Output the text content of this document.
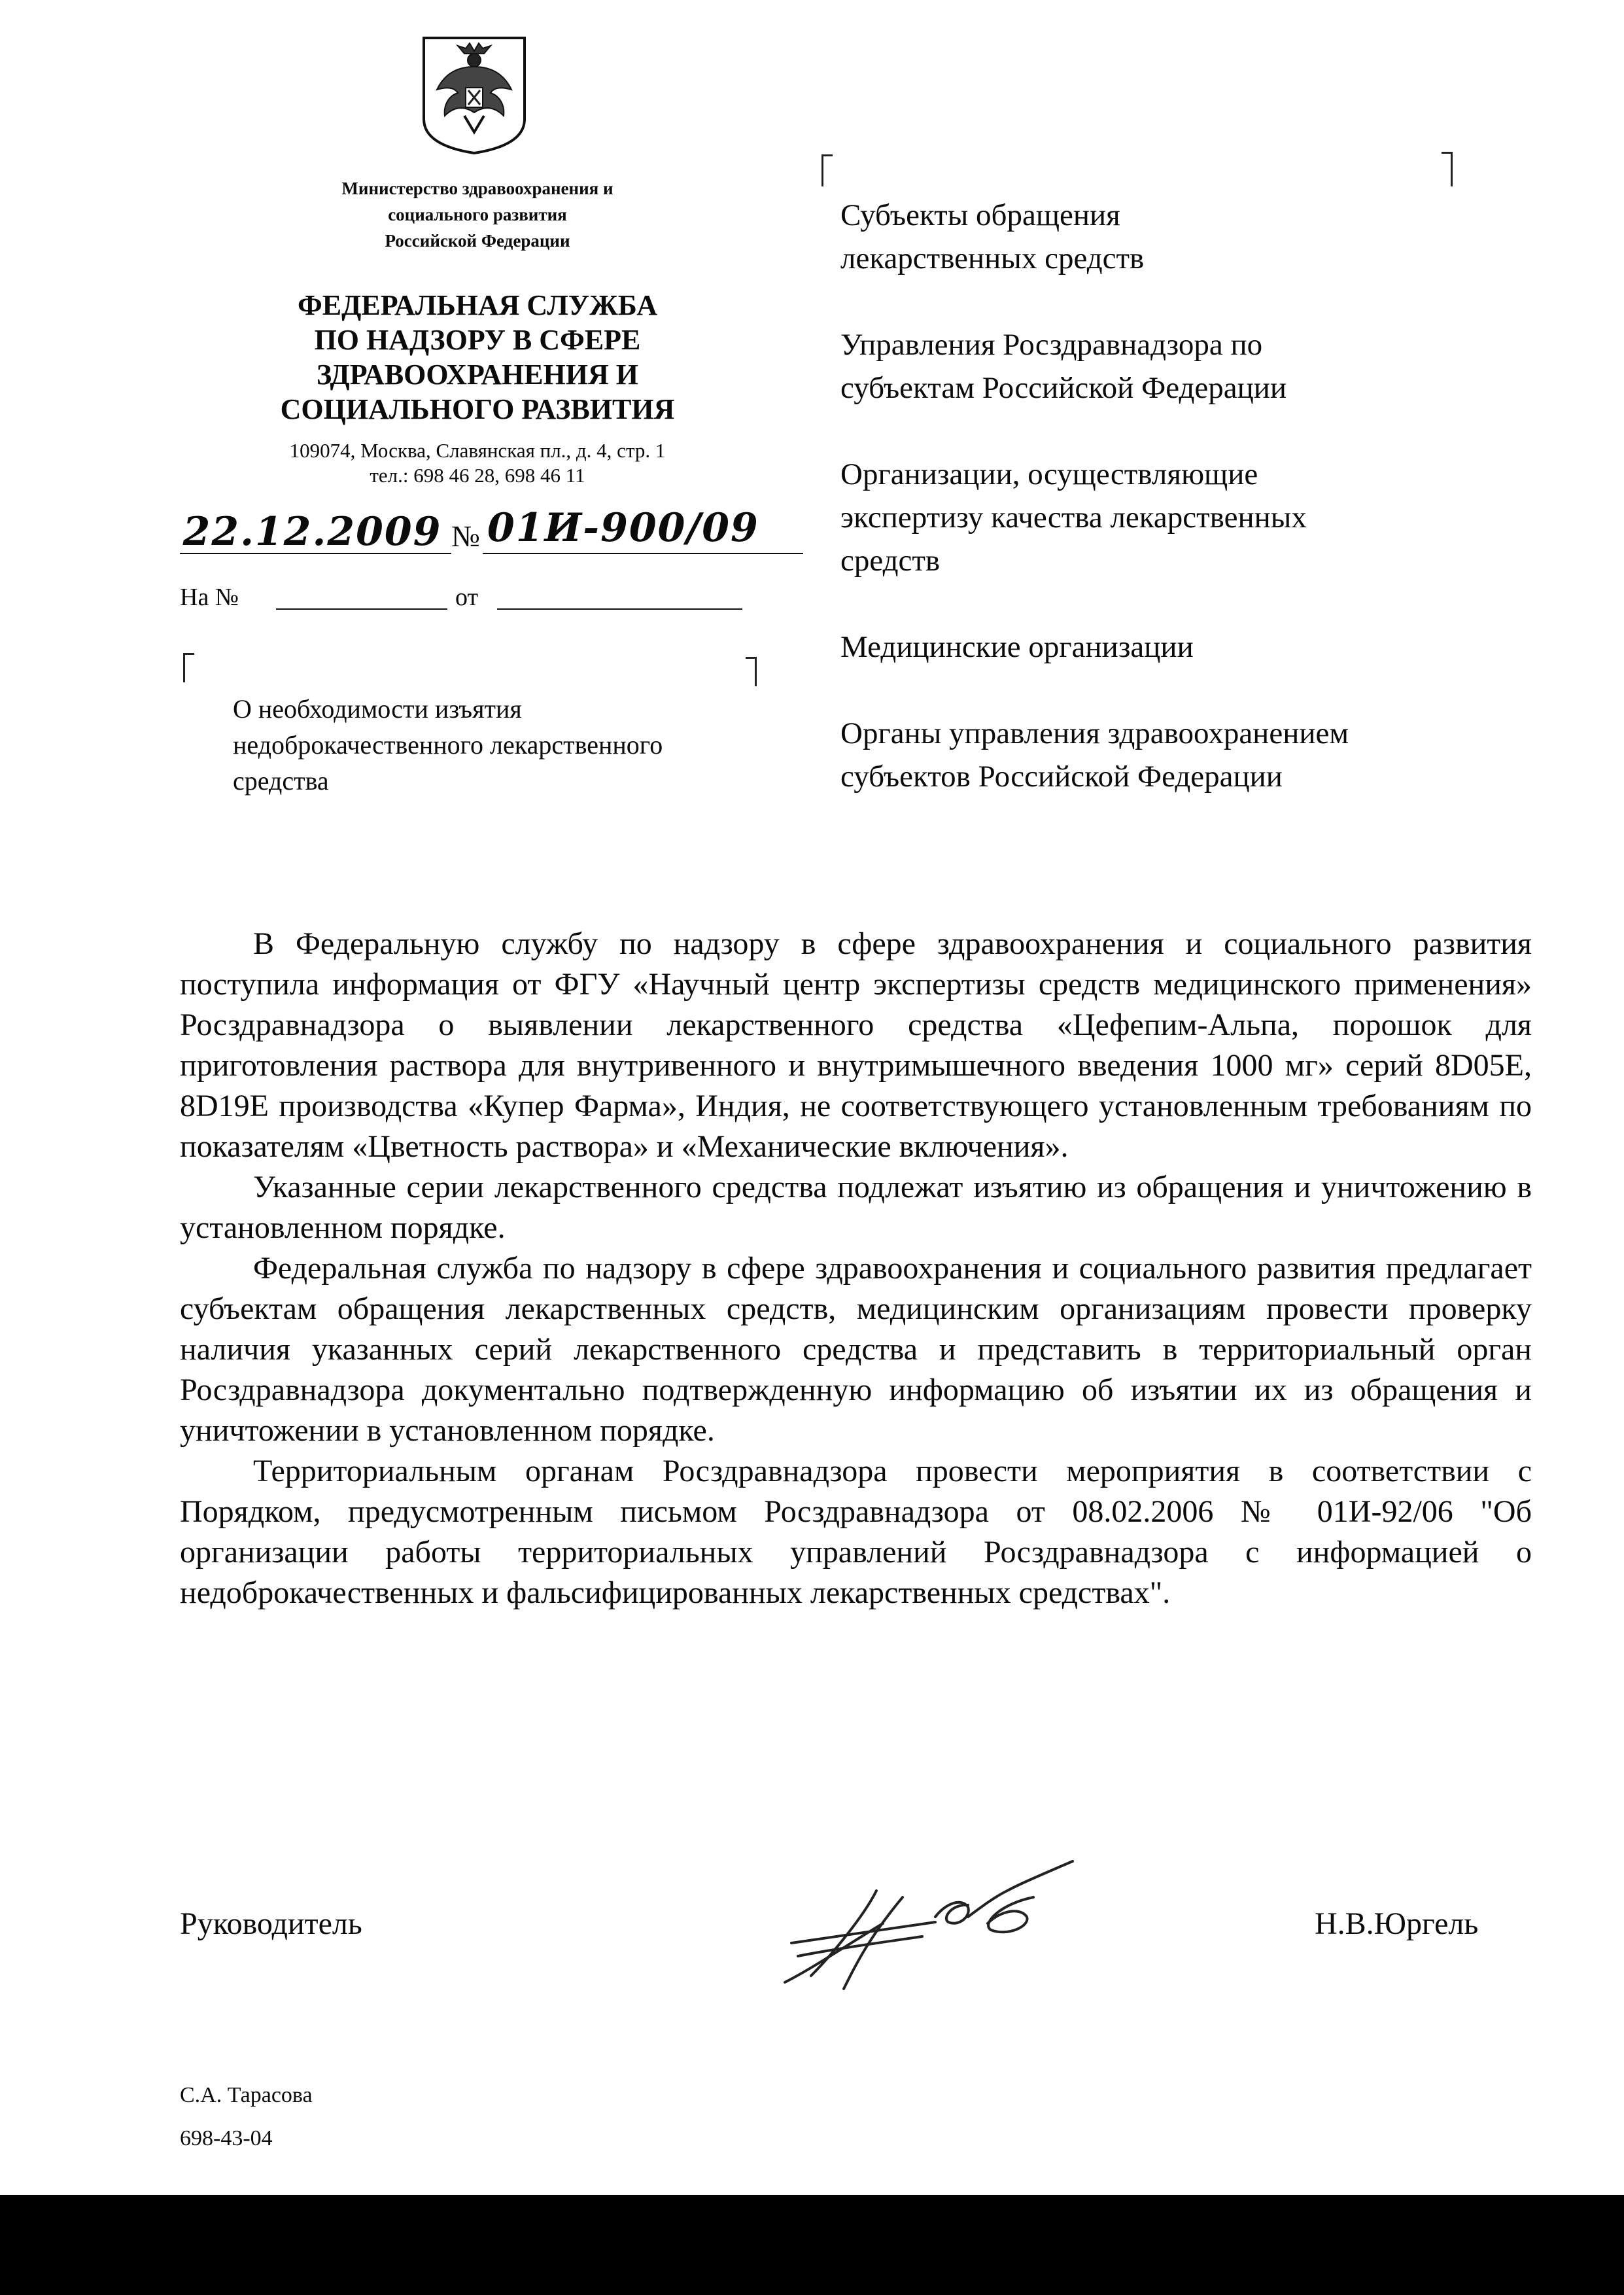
Министерство здравоохранения и
социального развития
Российской Федерации
ФЕДЕРАЛЬНАЯ СЛУЖБА
ПО НАДЗОРУ В СФЕРЕ
ЗДРАВООХРАНЕНИЯ И
СОЦИАЛЬНОГО РАЗВИТИЯ
109074, Москва, Славянская пл., д. 4, стр. 1
тел.: 698 46 28, 698 46 11
22.12.2009 № 01И-900/09
На №	от
О необходимости изъятия
недоброкачественного лекарственного
средства

Субъекты обращения
лекарственных средств

Управления Росздравнадзора по
субъектам Российской Федерации

Организации, осуществляющие
экспертизу качества лекарственных
средств

Медицинские организации

Органы управления здравоохранением
субъектов Российской Федерации

В Федеральную службу по надзору в сфере здравоохранения и социального развития поступила информация от ФГУ «Научный центр экспертизы средств медицинского применения» Росздравнадзора о выявлении лекарственного средства «Цефепим-Альпа, порошок для приготовления раствора для внутривенного и внутримышечного введения 1000 мг» серий 8D05E, 8D19E производства «Купер Фарма», Индия, не соответствующего установленным требованиям по показателям «Цветность раствора» и «Механические включения».

Указанные серии лекарственного средства подлежат изъятию из обращения и уничтожению в установленном порядке.

Федеральная служба по надзору в сфере здравоохранения и социального развития предлагает субъектам обращения лекарственных средств, медицинским организациям провести проверку наличия указанных серий лекарственного средства и представить в территориальный орган Росздравнадзора документально подтвержденную информацию об изъятии их из обращения и уничтожении в установленном порядке.

Территориальным органам Росздравнадзора провести мероприятия в соответствии с Порядком, предусмотренным письмом Росздравнадзора от 08.02.2006 № 01И-92/06 "Об организации работы территориальных управлений Росздравнадзора с информацией о недоброкачественных и фальсифицированных лекарственных средствах".

Руководитель	Н.В.Юргель
С.А. Тарасова
698-43-04
